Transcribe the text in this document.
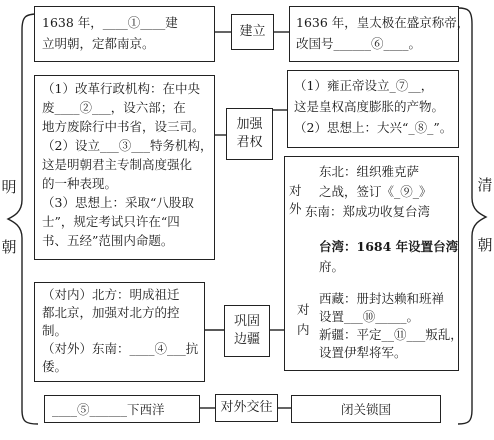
明
朝
清
朝
1638 年，____①____建
立明朝，定都南京。
建立
1636 年，皇太极在盛京称帝，
改国号______⑥____。
（1）改革行政机构：在中央
废____②___，设六部；在
地方废除行中书省，设三司。
（2）设立___③___特务机构，
这是明朝君主专制高度强化
的一种表现。
（3）思想上：采取“八股取
士”，规定考试只许在“四
书、五经”范围内命题。
加强
君权
（1）雍正帝设立_⑦__，
这是皇权高度膨胀的产物。
（2）思想上：大兴“_⑧_”。
（对内）北方：明成祖迁
都北京，加强对北方的控
制。
（对外）东南：____④___抗
倭。
巩固
边疆
对
外
东北：组织雅克萨
之战，签订《_⑨_》
东南：郑成功收复台湾
台湾：1684 年设置台湾
府。
对
内
西藏：册封达赖和班禅
设置___⑩_____。
新疆：平定__⑪___叛乱，
设置伊犁将军。
____⑤______下西洋	对外交往	闭关锁国
